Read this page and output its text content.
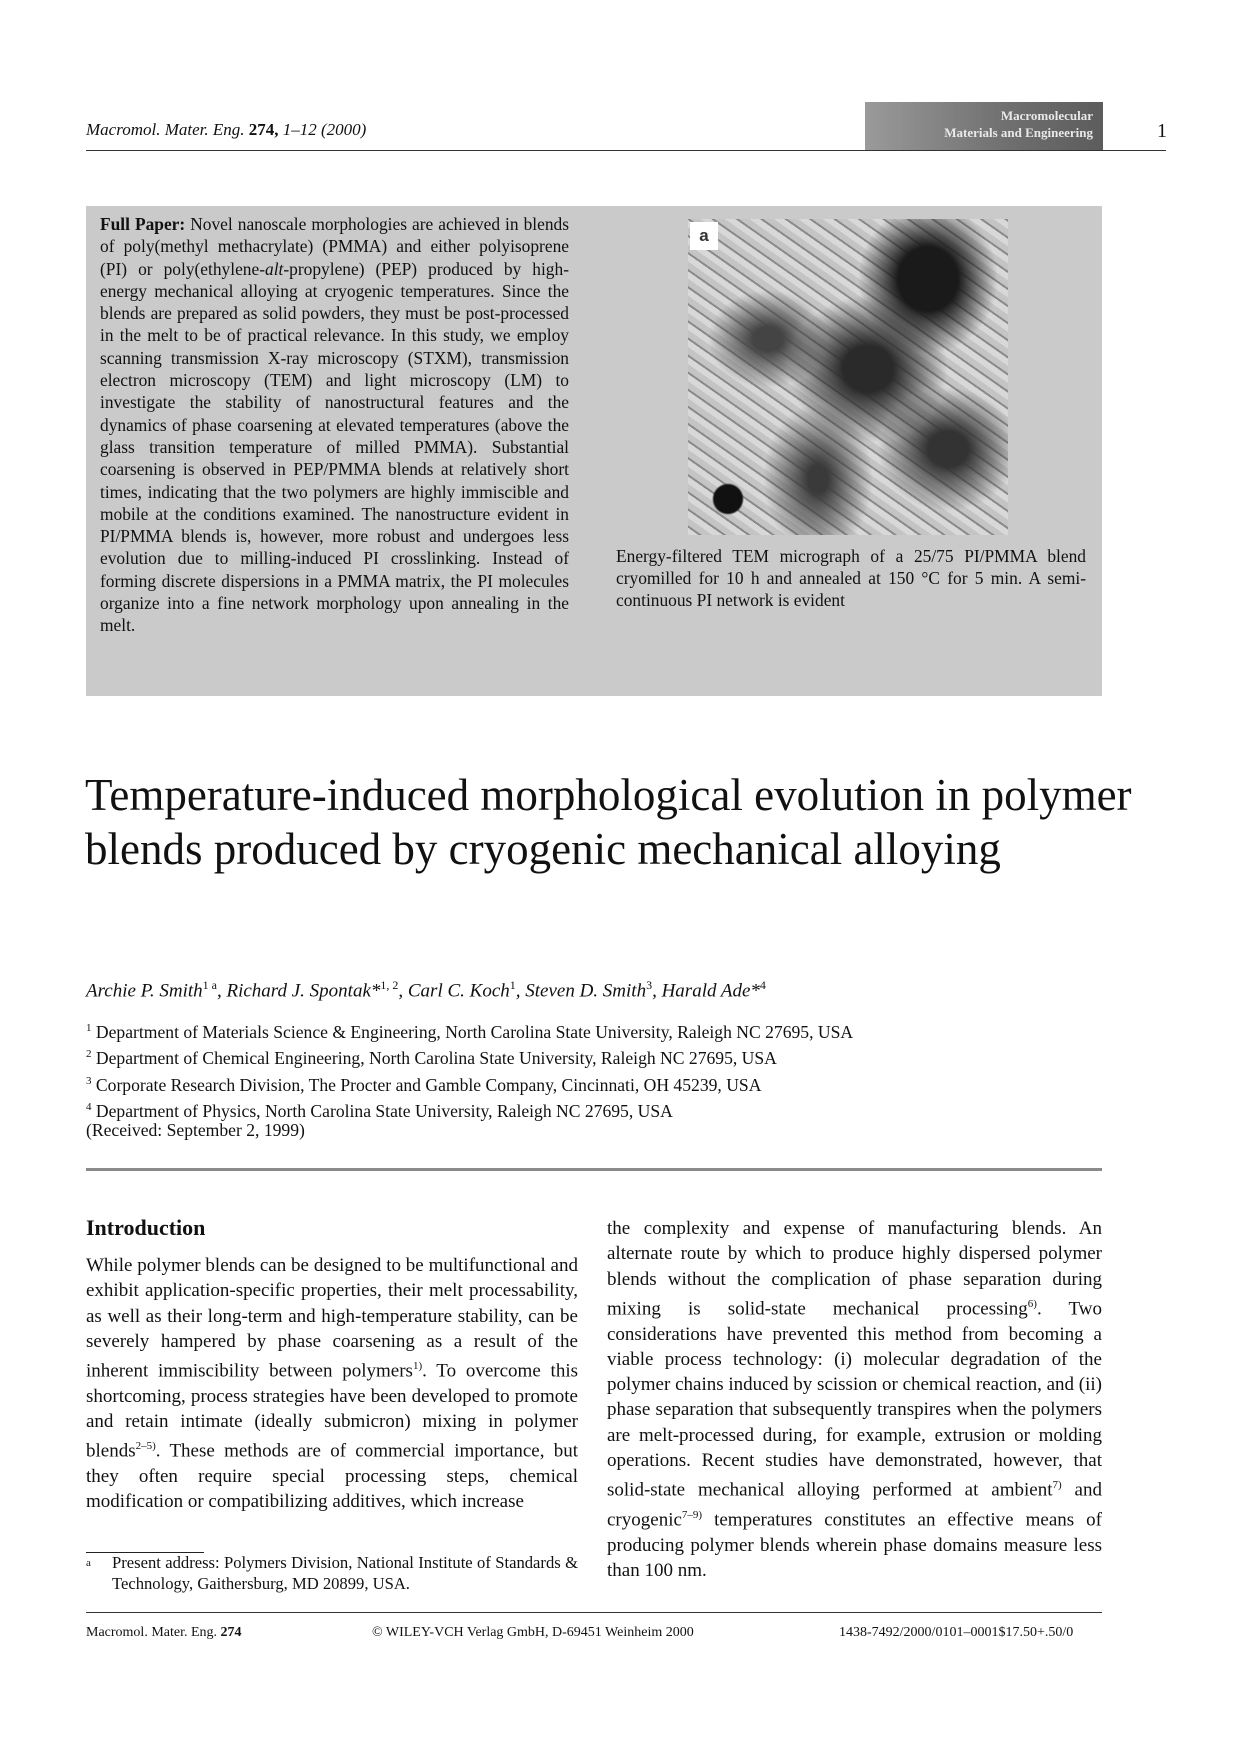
Macromol. Mater. Eng. 274, 1–12 (2000)
Macromolecular
Materials and Engineering	1
Full Paper: Novel nanoscale morphologies are achieved in blends of poly(methyl methacrylate) (PMMA) and either polyisoprene (PI) or poly(ethylene-alt-propylene) (PEP) produced by high-energy mechanical alloying at cryogenic temperatures. Since the blends are prepared as solid powders, they must be post-processed in the melt to be of practical relevance. In this study, we employ scanning transmission X-ray microscopy (STXM), transmission electron microscopy (TEM) and light microscopy (LM) to investigate the stability of nanostructural features and the dynamics of phase coarsening at elevated temperatures (above the glass transition temperature of milled PMMA). Substantial coarsening is observed in PEP/PMMA blends at relatively short times, indicating that the two polymers are highly immiscible and mobile at the conditions examined. The nanostructure evident in PI/PMMA blends is, however, more robust and undergoes less evolution due to milling-induced PI crosslinking. Instead of forming discrete dispersions in a PMMA matrix, the PI molecules organize into a fine network morphology upon annealing in the melt.
a
Energy-filtered TEM micrograph of a 25/75 PI/PMMA blend cryomilled for 10 h and annealed at 150 °C for 5 min. A semi-continuous PI network is evident
Temperature-induced morphological evolution in polymer blends produced by cryogenic mechanical alloying
Archie P. Smith$^{1 a}$, Richard J. Spontak*$^{1, 2}$, Carl C. Koch$^1$, Steven D. Smith$^3$, Harald Ade*$^4$
$^1$ Department of Materials Science & Engineering, North Carolina State University, Raleigh NC 27695, USA
$^2$ Department of Chemical Engineering, North Carolina State University, Raleigh NC 27695, USA
$^3$ Corporate Research Division, The Procter and Gamble Company, Cincinnati, OH 45239, USA
$^4$ Department of Physics, North Carolina State University, Raleigh NC 27695, USA
(Received: September 2, 1999)
Introduction
While polymer blends can be designed to be multifunctional and exhibit application-specific properties, their melt processability, as well as their long-term and high-temperature stability, can be severely hampered by phase coarsening as a result of the inherent immiscibility between polymers$^{1)}$. To overcome this shortcoming, process strategies have been developed to promote and retain intimate (ideally submicron) mixing in polymer blends$^{2-5)}$. These methods are of commercial importance, but they often require special processing steps, chemical modification or compatibilizing additives, which increase
the complexity and expense of manufacturing blends. An alternate route by which to produce highly dispersed polymer blends without the complication of phase separation during mixing is solid-state mechanical processing$^{6)}$. Two considerations have prevented this method from becoming a viable process technology: (i) molecular degradation of the polymer chains induced by scission or chemical reaction, and (ii) phase separation that subsequently transpires when the polymers are melt-processed during, for example, extrusion or molding operations. Recent studies have demonstrated, however, that solid-state mechanical alloying performed at ambient$^{7)}$ and cryogenic$^{7-9)}$ temperatures constitutes an effective means of producing polymer blends wherein phase domains measure less than 100 nm.
a Present address: Polymers Division, National Institute of Standards & Technology, Gaithersburg, MD 20899, USA.
Macromol. Mater. Eng. 274	© WILEY-VCH Verlag GmbH, D-69451 Weinheim 2000	1438-7492/2000/0101–0001$17.50+.50/0
